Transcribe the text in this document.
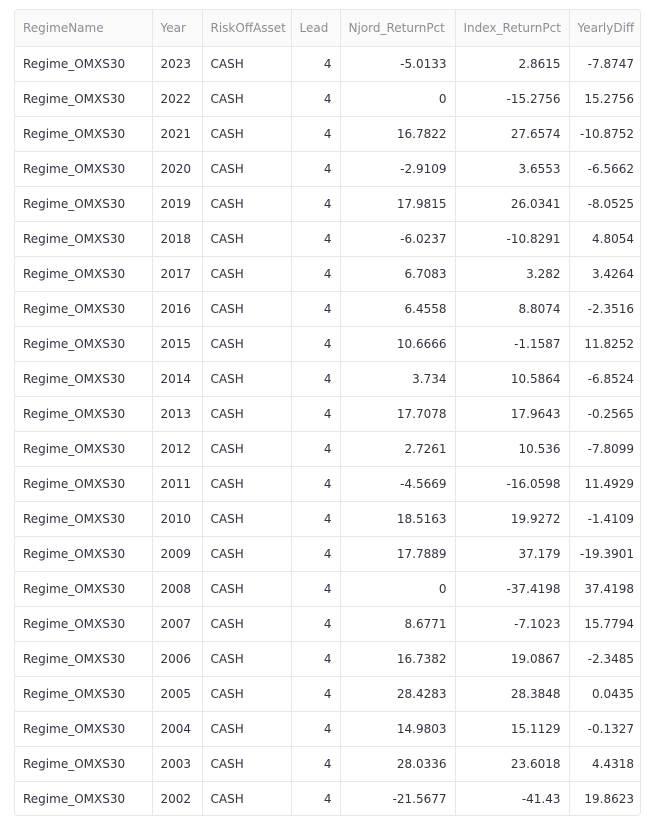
RegimeName	Year	RiskOffAsset	Lead	Njord_ReturnPct	Index_ReturnPct	YearlyDiff
Regime_OMXS30	2023	CASH	4	-5.0133	2.8615	-7.8747
Regime_OMXS30	2022	CASH	4	0	-15.2756	15.2756
Regime_OMXS30	2021	CASH	4	16.7822	27.6574	-10.8752
Regime_OMXS30	2020	CASH	4	-2.9109	3.6553	-6.5662
Regime_OMXS30	2019	CASH	4	17.9815	26.0341	-8.0525
Regime_OMXS30	2018	CASH	4	-6.0237	-10.8291	4.8054
Regime_OMXS30	2017	CASH	4	6.7083	3.282	3.4264
Regime_OMXS30	2016	CASH	4	6.4558	8.8074	-2.3516
Regime_OMXS30	2015	CASH	4	10.6666	-1.1587	11.8252
Regime_OMXS30	2014	CASH	4	3.734	10.5864	-6.8524
Regime_OMXS30	2013	CASH	4	17.7078	17.9643	-0.2565
Regime_OMXS30	2012	CASH	4	2.7261	10.536	-7.8099
Regime_OMXS30	2011	CASH	4	-4.5669	-16.0598	11.4929
Regime_OMXS30	2010	CASH	4	18.5163	19.9272	-1.4109
Regime_OMXS30	2009	CASH	4	17.7889	37.179	-19.3901
Regime_OMXS30	2008	CASH	4	0	-37.4198	37.4198
Regime_OMXS30	2007	CASH	4	8.6771	-7.1023	15.7794
Regime_OMXS30	2006	CASH	4	16.7382	19.0867	-2.3485
Regime_OMXS30	2005	CASH	4	28.4283	28.3848	0.0435
Regime_OMXS30	2004	CASH	4	14.9803	15.1129	-0.1327
Regime_OMXS30	2003	CASH	4	28.0336	23.6018	4.4318
Regime_OMXS30	2002	CASH	4	-21.5677	-41.43	19.8623
